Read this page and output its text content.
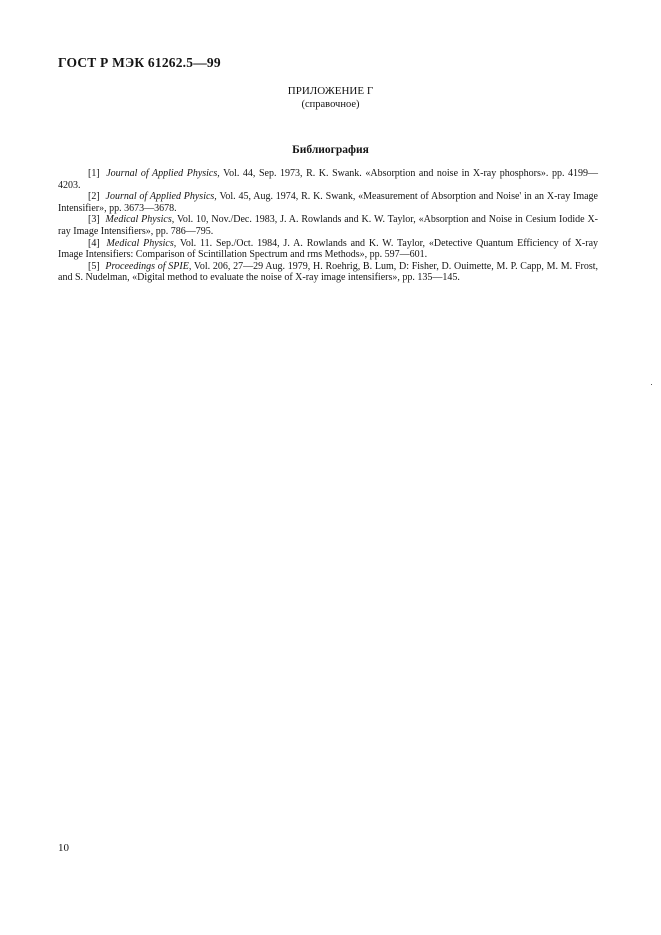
ГОСТ Р МЭК 61262.5—99
ПРИЛОЖЕНИЕ Г
(справочное)
Библиография

[1] Journal of Applied Physics, Vol. 44, Sep. 1973, R. K. Swank. «Absorption and noise in X-ray phosphors». pp. 4199—4203.

[2] Journal of Applied Physics, Vol. 45, Aug. 1974, R. K. Swank, «Measurement of Absorption and Noise' in an X-ray Image Intensifier», pp. 3673—3678.

[3] Medical Physics, Vol. 10, Nov./Dec. 1983, J. A. Rowlands and K. W. Taylor, «Absorption and Noise in Cesium Iodide X-ray Image Intensifiers», pp. 786—795.

[4] Medical Physics, Vol. 11. Sep./Oct. 1984, J. A. Rowlands and K. W. Taylor, «Detective Quantum Efficiency of X-ray Image Intensifiers: Comparison of Scintillation Spectrum and rms Methods», pp. 597—601.

[5] Proceedings of SPIE, Vol. 206, 27—29 Aug. 1979, H. Roehrig, B. Lum, D: Fisher, D. Ouimette, M. P. Capp, M. M. Frost, and S. Nudelman, «Digital method to evaluate the noise of X-ray image intensifiers», pp. 135—145.

10
